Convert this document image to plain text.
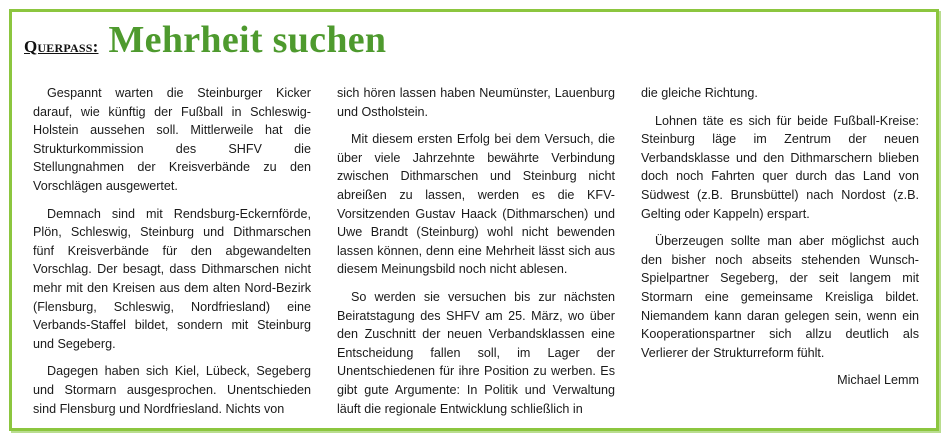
Querpass: Mehrheit suchen

Gespannt warten die Steinburger Kicker darauf, wie künftig der Fußball in Schleswig-Holstein aussehen soll. Mittlerweile hat die Strukturkommission des SHFV die Stellungnahmen der Kreisverbände zu den Vorschlägen ausgewertet.

Demnach sind mit Rendsburg-Eckernförde, Plön, Schleswig, Steinburg und Dithmarschen fünf Kreisverbände für den abgewandelten Vorschlag. Der besagt, dass Dithmarschen nicht mehr mit den Kreisen aus dem alten Nord-Bezirk (Flensburg, Schleswig, Nordfriesland) eine Verbands-Staffel bildet, sondern mit Steinburg und Segeberg.

Dagegen haben sich Kiel, Lübeck, Segeberg und Stormarn ausgesprochen. Unentschieden sind Flensburg und Nordfriesland. Nichts von

sich hören lassen haben Neumünster, Lauenburg und Ostholstein.

Mit diesem ersten Erfolg bei dem Versuch, die über viele Jahrzehnte bewährte Verbindung zwischen Dithmarschen und Steinburg nicht abreißen zu lassen, werden es die KFV-Vorsitzenden Gustav Haack (Dithmarschen) und Uwe Brandt (Steinburg) wohl nicht bewenden lassen können, denn eine Mehrheit lässt sich aus diesem Meinungsbild noch nicht ablesen.

So werden sie versuchen bis zur nächsten Beiratstagung des SHFV am 25. März, wo über den Zuschnitt der neuen Verbandsklassen eine Entscheidung fallen soll, im Lager der Unentschiedenen für ihre Position zu werben. Es gibt gute Argumente: In Politik und Verwaltung läuft die regionale Entwicklung schließlich in

die gleiche Richtung.

Lohnen täte es sich für beide Fußball-Kreise: Steinburg läge im Zentrum der neuen Verbandsklasse und den Dithmarschern blieben doch noch Fahrten quer durch das Land von Südwest (z.B. Brunsbüttel) nach Nordost (z.B. Gelting oder Kappeln) erspart.

Überzeugen sollte man aber möglichst auch den bisher noch abseits stehenden Wunsch-Spielpartner Segeberg, der seit langem mit Stormarn eine gemeinsame Kreisliga bildet. Niemandem kann daran gelegen sein, wenn ein Kooperationspartner sich allzu deutlich als Verlierer der Strukturreform fühlt.

Michael Lemm
